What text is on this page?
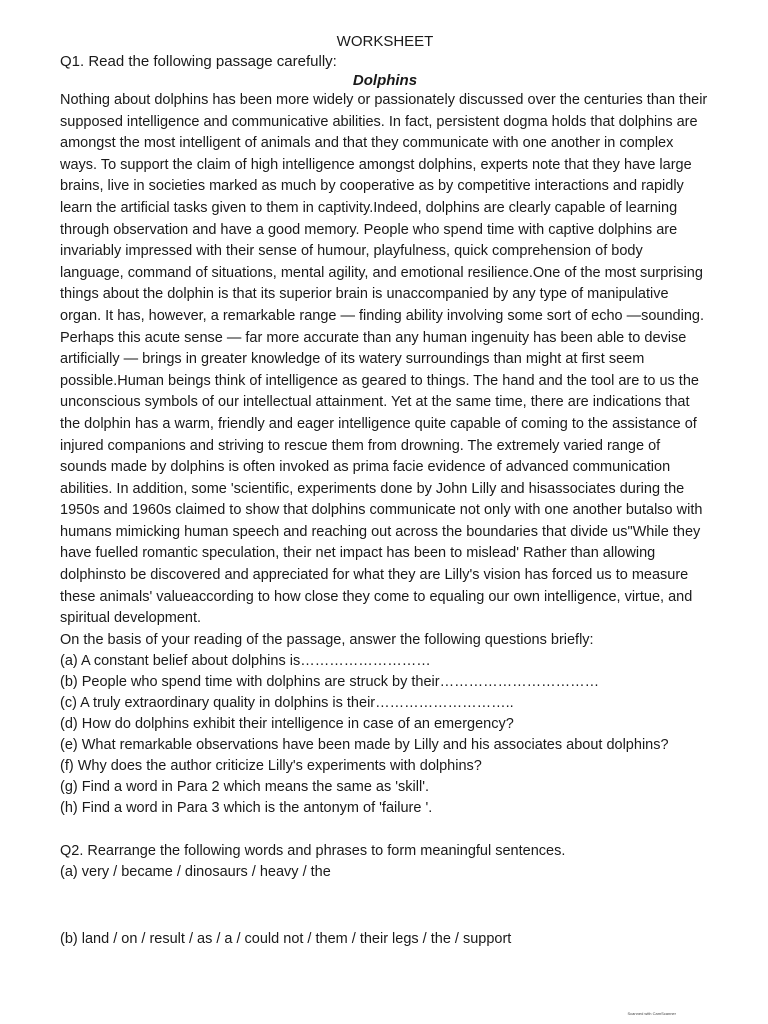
WORKSHEET

Q1. Read the following passage carefully:

Dolphins

Nothing about dolphins has been more widely or passionately discussed over the centuries than their supposed intelligence and communicative abilities. In fact, persistent dogma holds that dolphins are amongst the most intelligent of animals and that they communicate with one another in complex ways. To support the claim of high intelligence amongst dolphins, experts note that they have large brains, live in societies marked as much by cooperative as by competitive interactions and rapidly learn the artificial tasks given to them in captivity.Indeed, dolphins are clearly capable of learning through observation and have a good memory. People who spend time with captive dolphins are invariably impressed with their sense of humour, playfulness, quick comprehension of body language, command of situations, mental agility, and emotional resilience.One of the most surprising things about the dolphin is that its superior brain is unaccompanied by any type of manipulative organ. It has, however, a remarkable range — finding ability involving some sort of echo —sounding. Perhaps this acute sense — far more accurate than any human ingenuity has been able to devise artificially — brings in greater knowledge of its watery surroundings than might at first seem possible.Human beings think of intelligence as geared to things. The hand and the tool are to us the unconscious symbols of our intellectual attainment. Yet at the same time, there are indications that the dolphin has a warm, friendly and eager intelligence quite capable of coming to the assistance of injured companions and striving to rescue them from drowning. The extremely varied range of sounds made by dolphins is often invoked as prima facie evidence of advanced communication abilities. In addition, some 'scientific, experiments done by John Lilly and hisassociates during the 1950s and 1960s claimed to show that dolphins communicate not only with one another butalso with humans mimicking human speech and reaching out across the boundaries that divide us"While they have fuelled romantic speculation, their net impact has been to mislead' Rather than allowing dolphinsto be discovered and appreciated for what they are Lilly's vision has forced us to measure these animals' valueaccording to how close they come to equaling our own intelligence, virtue, and spiritual development.

On the basis of your reading of the passage, answer the following questions briefly:

(a) A constant belief about dolphins is………………………
(b) People who spend time with dolphins are struck by their……………………………
(c) A truly extraordinary quality in dolphins is their………………………..
(d) How do dolphins exhibit their intelligence in case of an emergency?
(e) What remarkable observations have been made by Lilly and his associates about dolphins?
(f) Why does the author criticize Lilly's experiments with dolphins?
(g) Find a word in Para 2 which means the same as 'skill'.
(h) Find a word in Para 3 which is the antonym of 'failure '.

Q2. Rearrange the following words and phrases to form meaningful sentences.

(a) very / became / dinosaurs / heavy / the

(b) land / on / result / as / a / could not / them / their legs / the / support

Scanned with CamScanner
